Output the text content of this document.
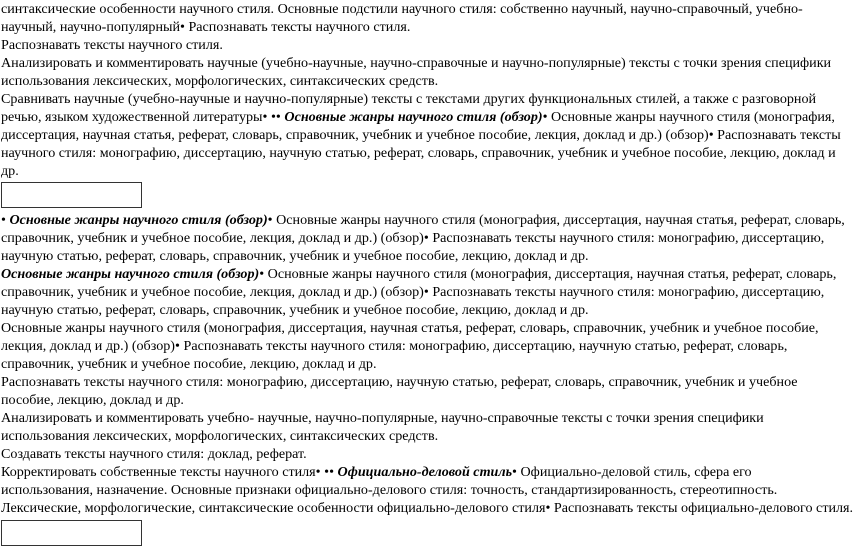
синтаксические особенности научного стиля. Основные подстили научного стиля: собственно научный, научно-справочный, учебно-

научный, научно-популярный• Распознавать тексты научного стиля.

Распознавать тексты научного стиля.

Анализировать и комментировать научные (учебно-научные, научно-справочные и научно-популярные) тексты с точки зрения специфики

использования лексических, морфологических, синтаксических средств.

Сравнивать научные (учебно-научные и научно-популярные) тексты с текстами других функциональных стилей, а также с разговорной

речью, языком художественной литературы• •• Основные жанры научного стиля (обзор)• Основные жанры научного стиля (монография,

диссертация, научная статья, реферат, словарь, справочник, учебник и учебное пособие, лекция, доклад и др.) (обзор)• Распознавать тексты

научного стиля: монографию, диссертацию, научную статью, реферат, словарь, справочник, учебник и учебное пособие, лекцию, доклад и

др.

• Основные жанры научного стиля (обзор)• Основные жанры научного стиля (монография, диссертация, научная статья, реферат, словарь,

справочник, учебник и учебное пособие, лекция, доклад и др.) (обзор)• Распознавать тексты научного стиля: монографию, диссертацию,

научную статью, реферат, словарь, справочник, учебник и учебное пособие, лекцию, доклад и др.

Основные жанры научного стиля (обзор)• Основные жанры научного стиля (монография, диссертация, научная статья, реферат, словарь,

справочник, учебник и учебное пособие, лекция, доклад и др.) (обзор)• Распознавать тексты научного стиля: монографию, диссертацию,

научную статью, реферат, словарь, справочник, учебник и учебное пособие, лекцию, доклад и др.

Основные жанры научного стиля (монография, диссертация, научная статья, реферат, словарь, справочник, учебник и учебное пособие,

лекция, доклад и др.) (обзор)• Распознавать тексты научного стиля: монографию, диссертацию, научную статью, реферат, словарь,

справочник, учебник и учебное пособие, лекцию, доклад и др.

Распознавать тексты научного стиля: монографию, диссертацию, научную статью, реферат, словарь, справочник, учебник и учебное

пособие, лекцию, доклад и др.

Анализировать и комментировать учебно- научные, научно-популярные, научно-справочные тексты с точки зрения специфики

использования лексических, морфологических, синтаксических средств.

Создавать тексты научного стиля: доклад, реферат.

Корректировать собственные тексты научного стиля• •• Официально-деловой стиль• Официально-деловой стиль, сфера его

использования, назначение. Основные признаки официально-делового стиля: точность, стандартизированность, стереотипность.

Лексические, морфологические, синтаксические особенности официально-делового стиля• Распознавать тексты официально-делового стиля.
